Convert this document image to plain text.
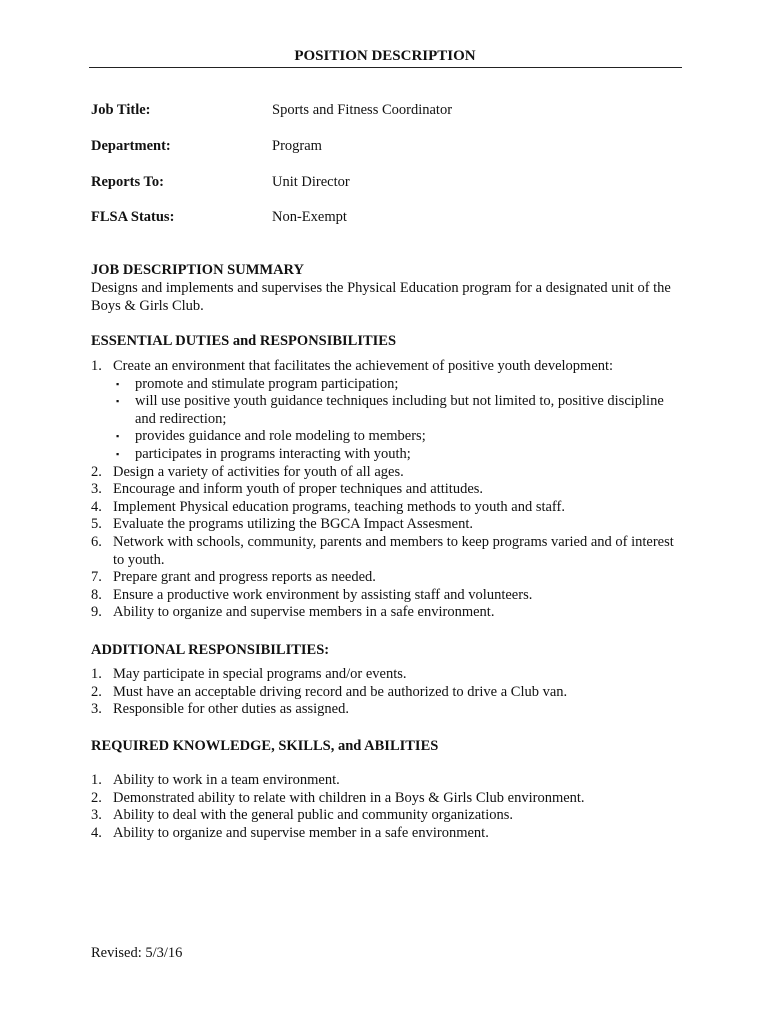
POSITION DESCRIPTION
Job Title:	Sports and Fitness Coordinator
Department:	Program
Reports To:	Unit Director
FLSA Status:	Non-Exempt
JOB DESCRIPTION SUMMARY
Designs and implements and supervises the Physical Education program for a designated unit of the Boys & Girls Club.
ESSENTIAL DUTIES and RESPONSIBILITIES
1. Create an environment that facilitates the achievement of positive youth development:
▪ promote and stimulate program participation;
▪ will use positive youth guidance techniques including but not limited to, positive discipline and redirection;
▪ provides guidance and role modeling to members;
▪ participates in programs interacting with youth;
2. Design a variety of activities for youth of all ages.
3. Encourage and inform youth of proper techniques and attitudes.
4. Implement Physical education programs, teaching methods to youth and staff.
5. Evaluate the programs utilizing the BGCA Impact Assesment.
6. Network with schools, community, parents and members to keep programs varied and of interest to youth.
7. Prepare grant and progress reports as needed.
8. Ensure a productive work environment by assisting staff and volunteers.
9. Ability to organize and supervise members in a safe environment.
ADDITIONAL RESPONSIBILITIES:
1. May participate in special programs and/or events.
2. Must have an acceptable driving record and be authorized to drive a Club van.
3. Responsible for other duties as assigned.
REQUIRED KNOWLEDGE, SKILLS, and ABILITIES
1. Ability to work in a team environment.
2. Demonstrated ability to relate with children in a Boys & Girls Club environment.
3. Ability to deal with the general public and community organizations.
4. Ability to organize and supervise member in a safe environment.
Revised: 5/3/16
